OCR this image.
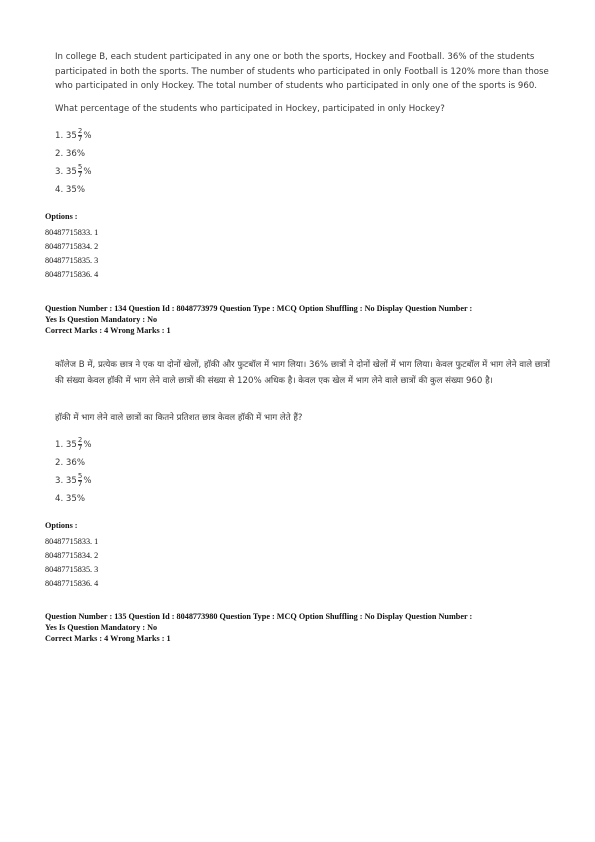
In college B, each student participated in any one or both the sports, Hockey and Football. 36% of the students participated in both the sports. The number of students who participated in only Football is 120% more than those who participated in only Hockey. The total number of students who participated in only one of the sports is 960.
What percentage of the students who participated in Hockey, participated in only Hockey?
1. $35 \frac{2}{7}$ %
2. 36%
3. $35 \frac{5}{7}$ %
4. 35%
Options :
80487715833. 1
80487715834. 2
80487715835. 3
80487715836. 4
Question Number : 134 Question Id : 8048773979 Question Type : MCQ Option Shuffling : No Display Question Number :
Yes Is Question Mandatory : No
Correct Marks : 4 Wrong Marks : 1
कॉलेज B में, प्रत्येक छात्र ने एक या दोनों खेलों, हॉकी और फुटबॉल में भाग लिया। 36% छात्रों ने दोनों खेलों में भाग लिया। केवल फुटबॉल में भाग लेने वाले छात्रों की संख्या केवल हॉकी में भाग लेने वाले छात्रों की संख्या से 120% अधिक है। केवल एक खेल में भाग लेने वाले छात्रों की कुल संख्या 960 है।
हॉकी में भाग लेने वाले छात्रों का कितने प्रतिशत छात्र केवल हॉकी में भाग लेते हैं?
1. $35 \frac{2}{7}$ %
2. 36%
3. $35 \frac{5}{7}$ %
4. 35%
Options :
80487715833. 1
80487715834. 2
80487715835. 3
80487715836. 4
Question Number : 135 Question Id : 8048773980 Question Type : MCQ Option Shuffling : No Display Question Number :
Yes Is Question Mandatory : No
Correct Marks : 4 Wrong Marks : 1
